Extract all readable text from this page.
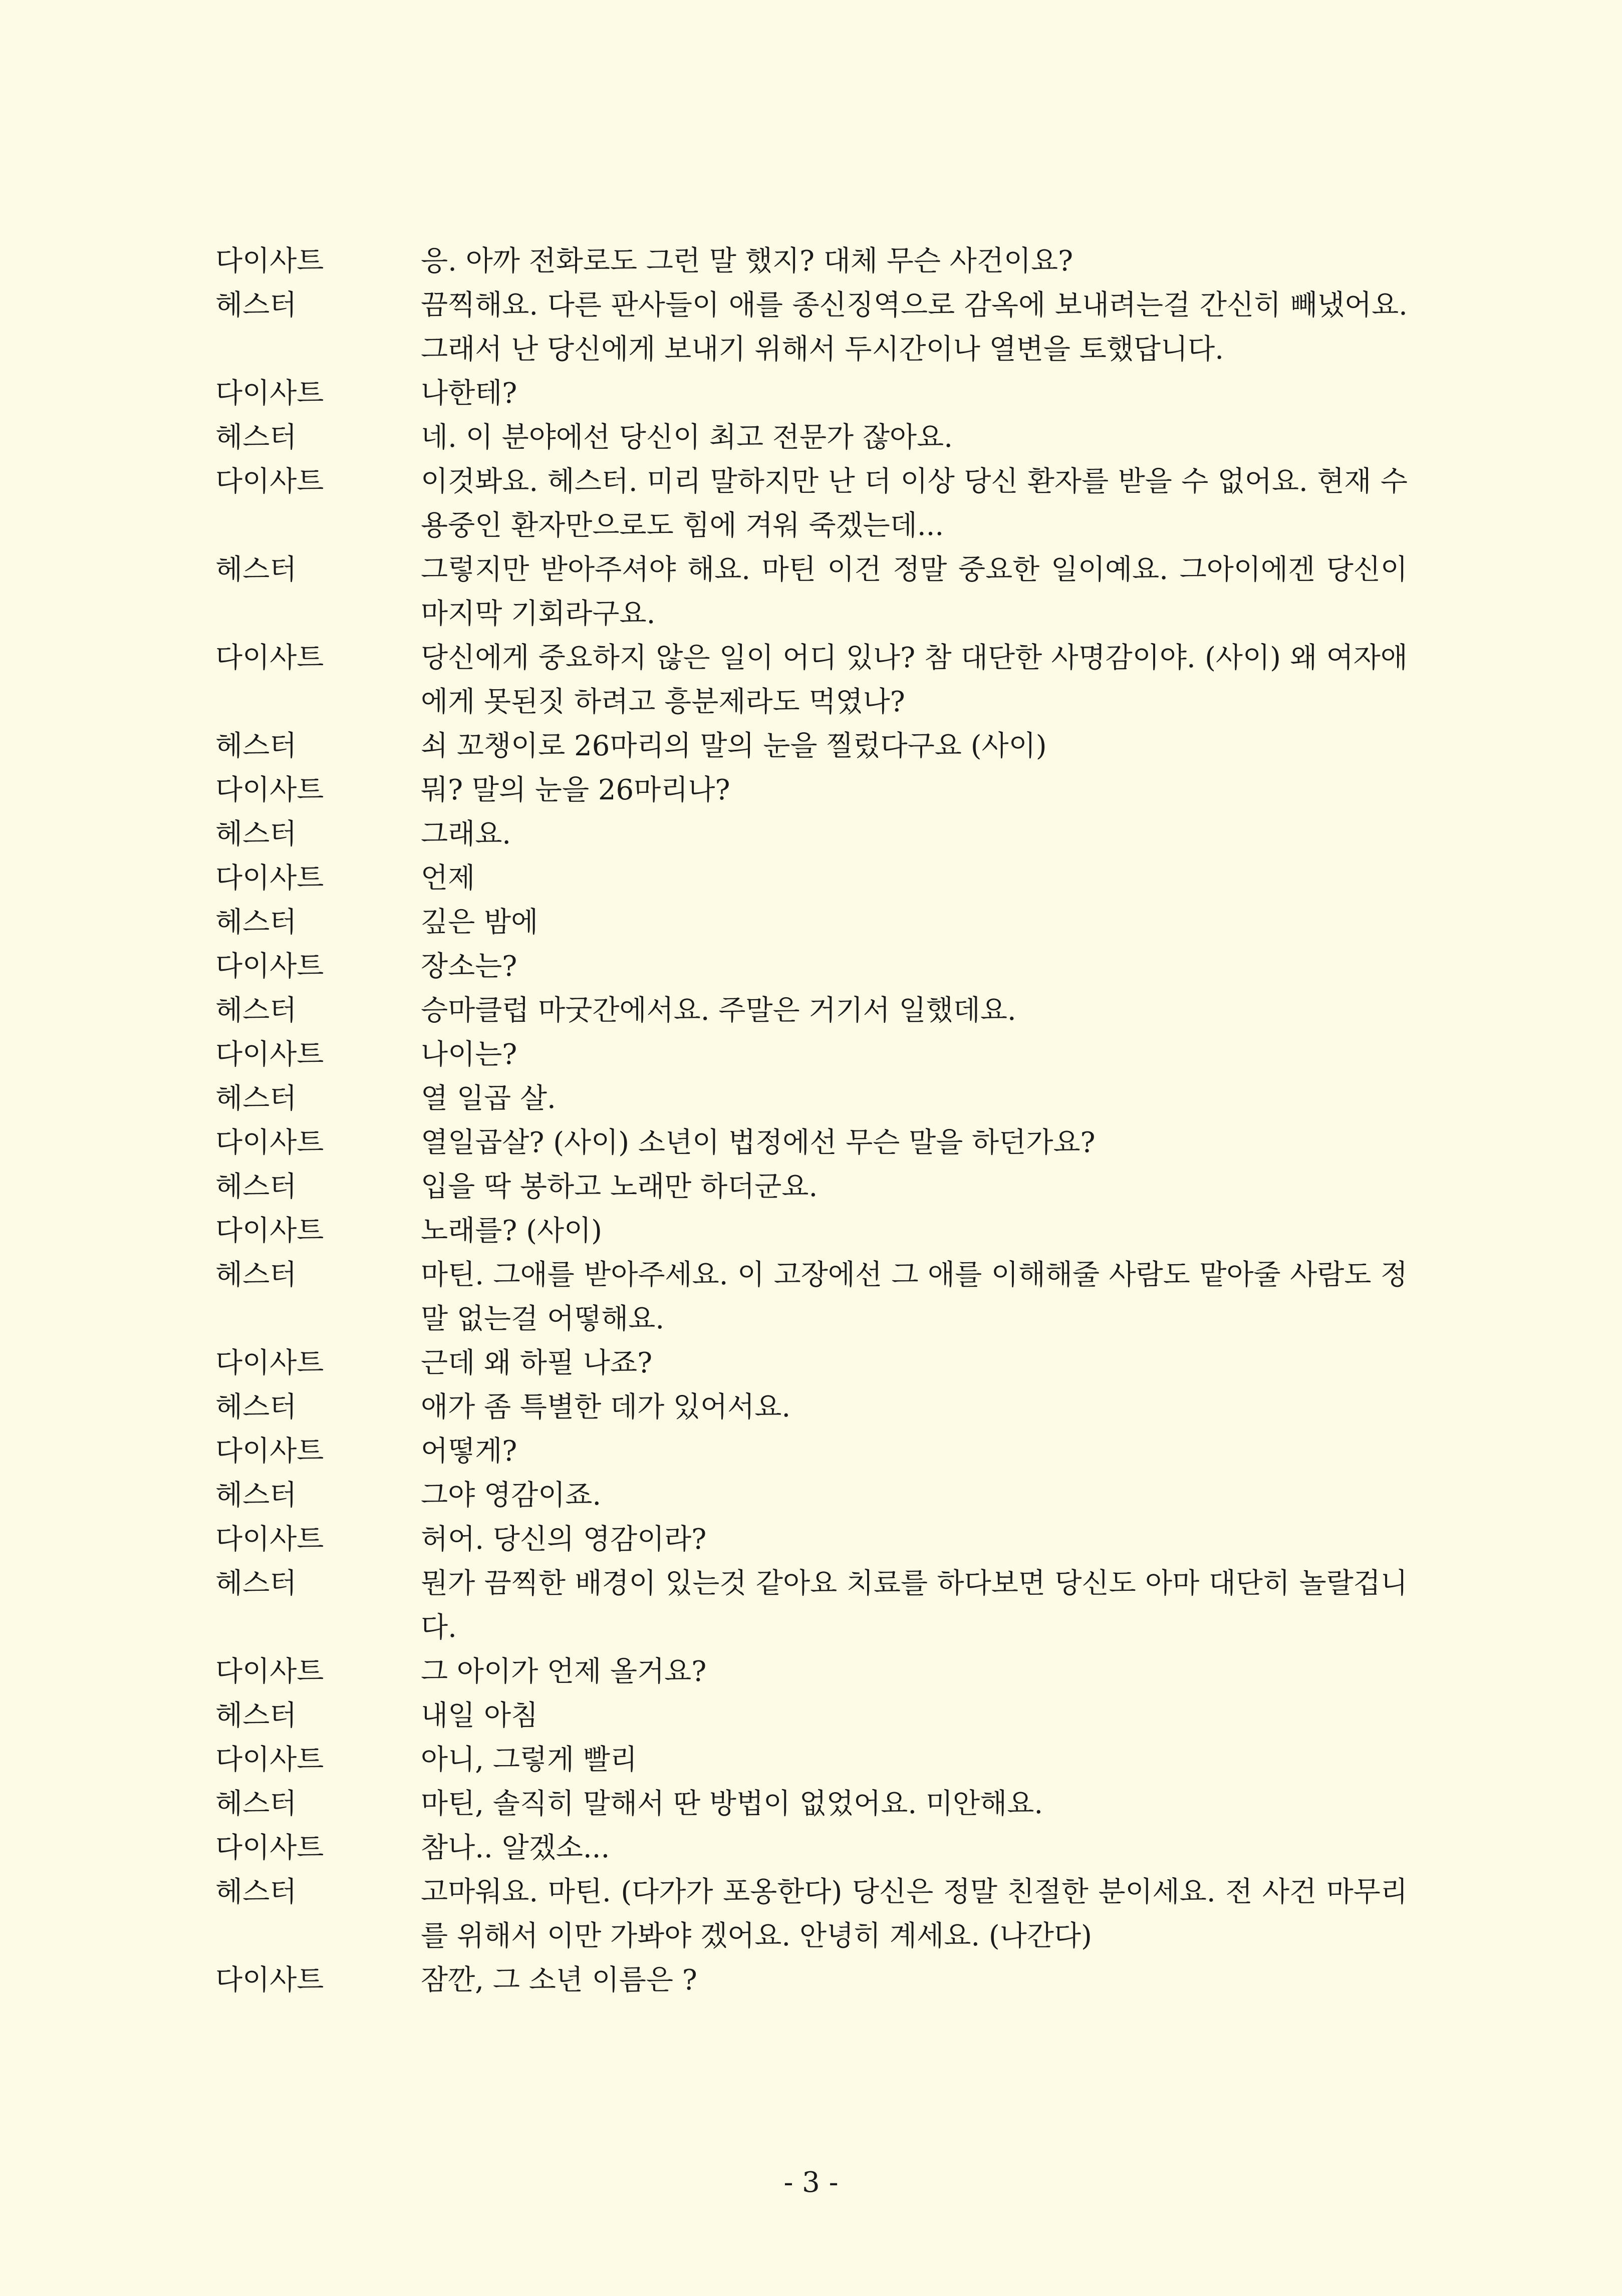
다이사트	응. 아까 전화로도 그런 말 했지? 대체 무슨 사건이요?
헤스터	끔찍해요. 다른 판사들이 애를 종신징역으로 감옥에 보내려는걸 간신히 빼냈어요. 그래서 난 당신에게 보내기 위해서 두시간이나 열변을 토했답니다.
다이사트	나한테?
헤스터	네. 이 분야에선 당신이 최고 전문가 잖아요.
다이사트	이것봐요. 헤스터. 미리 말하지만 난 더 이상 당신 환자를 받을 수 없어요. 현재 수용중인 환자만으로도 힘에 겨워 죽겠는데...
헤스터	그렇지만 받아주셔야 해요. 마틴 이건 정말 중요한 일이예요. 그아이에겐 당신이 마지막 기회라구요.
다이사트	당신에게 중요하지 않은 일이 어디 있나? 참 대단한 사명감이야. (사이) 왜 여자애에게 못된짓 하려고 흥분제라도 먹였나?
헤스터	쇠 꼬챙이로 26마리의 말의 눈을 찔렀다구요 (사이)
다이사트	뭐? 말의 눈을 26마리나?
헤스터	그래요.
다이사트	언제
헤스터	깊은 밤에
다이사트	장소는?
헤스터	승마클럽 마굿간에서요. 주말은 거기서 일했데요.
다이사트	나이는?
헤스터	열 일곱 살.
다이사트	열일곱살? (사이) 소년이 법정에선 무슨 말을 하던가요?
헤스터	입을 딱 봉하고 노래만 하더군요.
다이사트	노래를? (사이)
헤스터	마틴. 그애를 받아주세요. 이 고장에선 그 애를 이해해줄 사람도 맡아줄 사람도 정말 없는걸 어떻해요.
다이사트	근데 왜 하필 나죠?
헤스터	애가 좀 특별한 데가 있어서요.
다이사트	어떻게?
헤스터	그야 영감이죠.
다이사트	허어. 당신의 영감이라?
헤스터	뭔가 끔찍한 배경이 있는것 같아요 치료를 하다보면 당신도 아마 대단히 놀랄겁니다.
다이사트	그 아이가 언제 올거요?
헤스터	내일 아침
다이사트	아니, 그렇게 빨리
헤스터	마틴, 솔직히 말해서 딴 방법이 없었어요. 미안해요.
다이사트	참나.. 알겠소...
헤스터	고마워요. 마틴. (다가가 포옹한다) 당신은 정말 친절한 분이세요. 전 사건 마무리를 위해서 이만 가봐야 겠어요. 안녕히 계세요. (나간다)
다이사트	잠깐, 그 소년 이름은 ?
- 3 -
